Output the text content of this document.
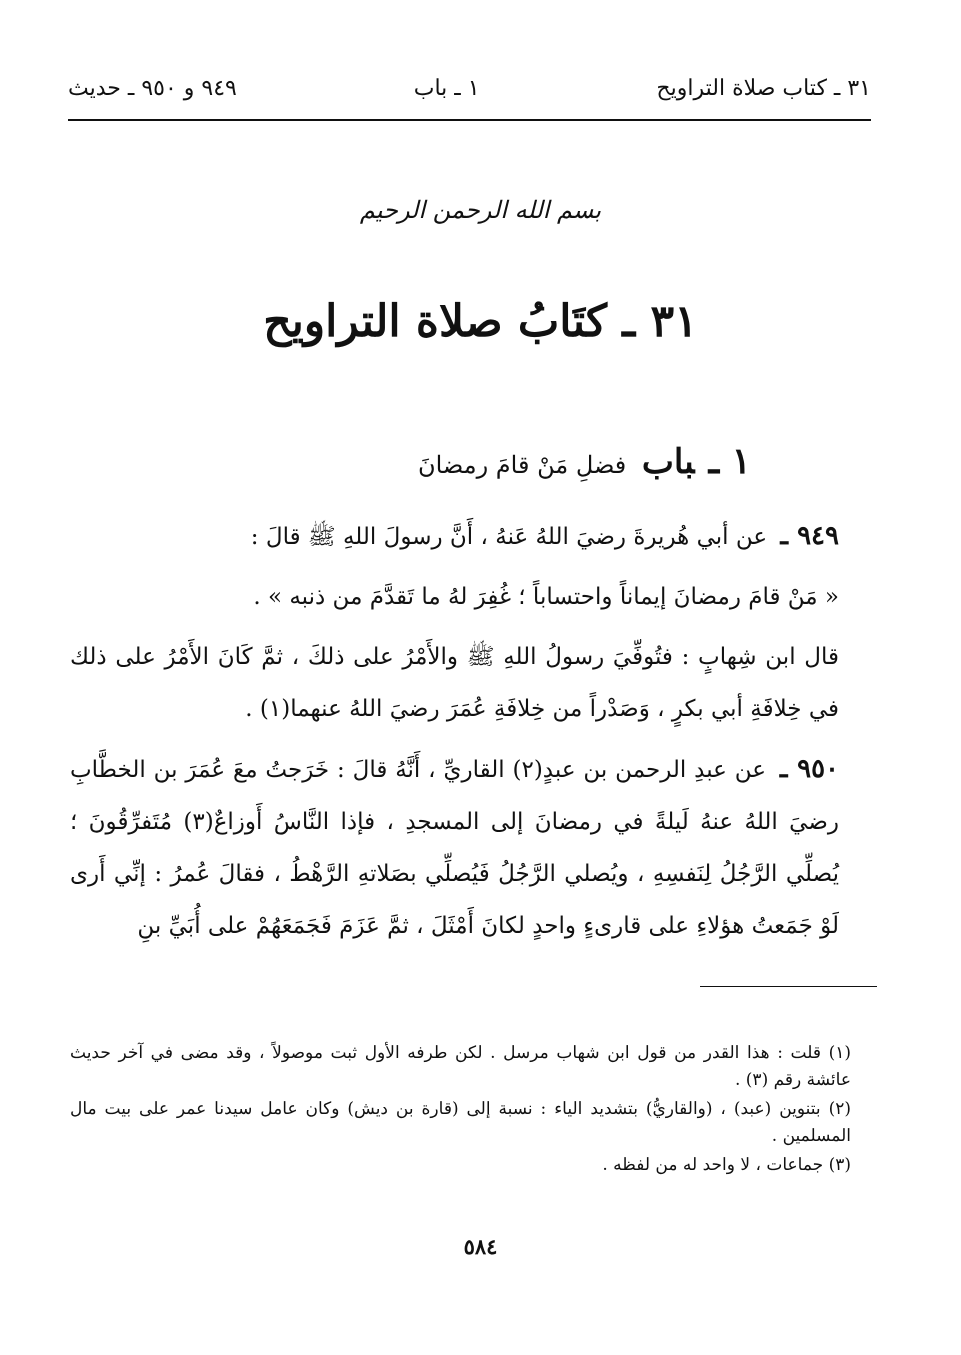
٣١ ـ كتاب صلاة التراويح
١ ـ باب
٩٤٩ و ٩٥٠ ـ حديث
بسم الله الرحمن الرحيم
٣١ ـ كتَابُ صلاة التراويح
١ ـباب فضلِ مَنْ قامَ رمضانَ

٩٤٩ ـ عن أبي هُريرةَ رضيَ اللهُ عَنهُ ، أَنَّ رسولَ اللهِ ﷺ قالَ :

« مَنْ قامَ رمضانَ إيماناً واحتساباً ؛ غُفِرَ لهُ ما تَقدَّمَ من ذنبه » .

قال ابن شِهابٍ : فتُوفِّيَ رسولُ اللهِ ﷺ والأَمْرُ على ذلكَ ، ثمَّ كَانَ الأَمْرُ على ذلك في خِلافَةِ أبي بكرٍ ، وَصَدْراً من خِلافَةِ عُمَرَ رضيَ اللهُ عنهما(١) .

٩٥٠ ـ عن عبدِ الرحمن بن عبدٍ(٢) القاريِّ ، أَنَّهُ قالَ : خَرَجتُ معَ عُمَرَ بن الخطَّابِ رضيَ اللهُ عنهُ لَيلةً في رمضانَ إلى المسجدِ ، فإذا النَّاسُ أَوزاعٌ(٣) مُتَفرِّقُونَ ؛ يُصلِّي الرَّجُلُ لِنَفسِهِ ، ويُصلي الرَّجُلُ فَيُصلِّي بصَلاتهِ الرَّهْطُ ، فقالَ عُمرُ : إنِّي أَرى لَوْ جَمَعتُ هؤلاءِ على قارىءٍ واحدٍ لكانَ أَمْثَلَ ، ثمَّ عَزَمَ فَجَمَعَهُمْ على أُبَيِّ بنِ

(١) قلت : هذا القدر من قول ابن شهاب مرسل . لكن طرفه الأول ثبت موصولاً ، وقد مضى في آخر حديث عائشة رقم (٣) .

(٢) بتنوين (عبد) ، (والقاريُّ) بتشديد الياء : نسبة إلى (قارة بن ديش) وكان عامل سيدنا عمر على بيت مال المسلمين .

(٣) جماعات ، لا واحد له من لفظه .

٥٨٤
